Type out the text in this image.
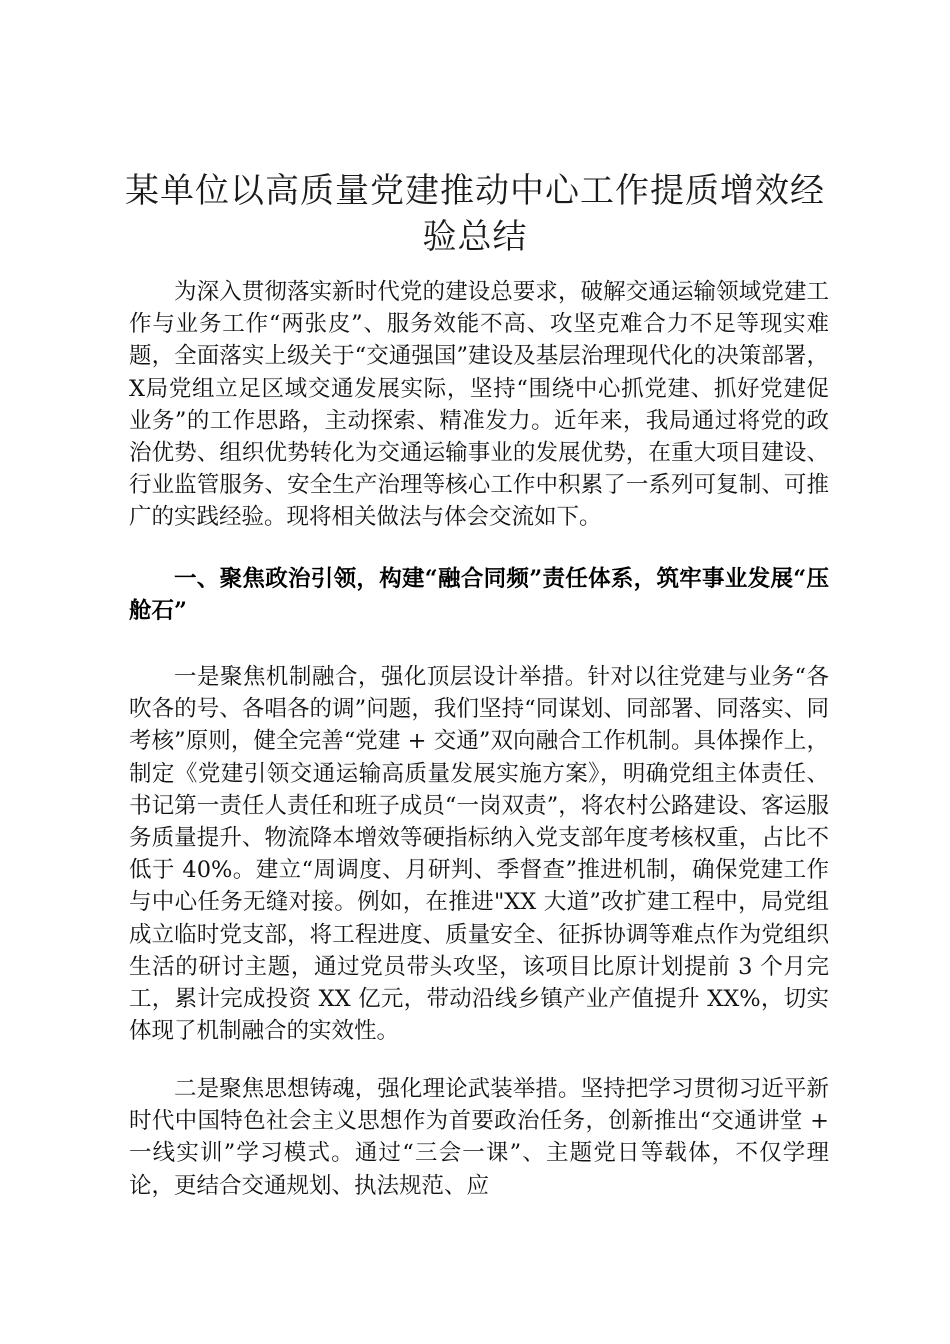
某单位以高质量党建推动中心工作提质增效经验总结
为深入贯彻落实新时代党的建设总要求，破解交通运输领域党建工作与业务工作“两张皮”、服务效能不高、攻坚克难合力不足等现实难题，全面落实上级关于“交通强国”建设及基层治理现代化的决策部署，X局党组立足区域交通发展实际，坚持“围绕中心抓党建、抓好党建促业务”的工作思路，主动探索、精准发力。近年来，我局通过将党的政治优势、组织优势转化为交通运输事业的发展优势，在重大项目建设、行业监管服务、安全生产治理等核心工作中积累了一系列可复制、可推广的实践经验。现将相关做法与体会交流如下。
一、聚焦政治引领，构建“融合同频”责任体系，筑牢事业发展“压舱石”
一是聚焦机制融合，强化顶层设计举措。针对以往党建与业务“各吹各的号、各唱各的调”问题，我们坚持“同谋划、同部署、同落实、同考核”原则，健全完善“党建 + 交通”双向融合工作机制。具体操作上，制定《党建引领交通运输高质量发展实施方案》，明确党组主体责任、书记第一责任人责任和班子成员“一岗双责”，将农村公路建设、客运服务质量提升、物流降本增效等硬指标纳入党支部年度考核权重，占比不低于 40%。建立“周调度、月研判、季督查”推进机制，确保党建工作与中心任务无缝对接。例如，在推进"XX 大道”改扩建工程中，局党组成立临时党支部，将工程进度、质量安全、征拆协调等难点作为党组织生活的研讨主题，通过党员带头攻坚，该项目比原计划提前 3 个月完工，累计完成投资 XX 亿元，带动沿线乡镇产业产值提升 XX%，切实体现了机制融合的实效性。
二是聚焦思想铸魂，强化理论武装举措。坚持把学习贯彻习近平新时代中国特色社会主义思想作为首要政治任务，创新推出“交通讲堂 + 一线实训”学习模式。通过“三会一课”、主题党日等载体，不仅学理论，更结合交通规划、执法规范、应
